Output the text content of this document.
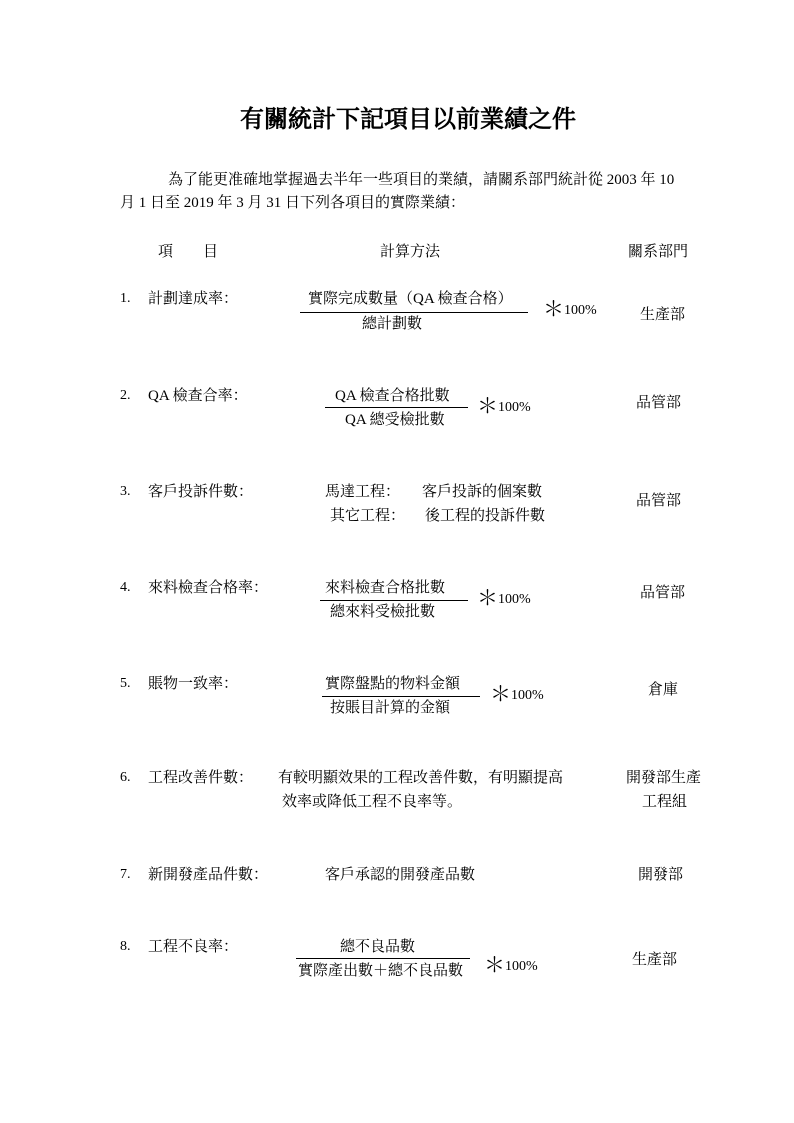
有關統計下記項目以前業績之件
為了能更准確地掌握過去半年一些項目的業績，請關系部門統計從 2003 年 10
月 1 日至 2019 年 3 月 31 日下列各項目的實際業績：
項　　目	計算方法	關系部門
1. 計劃達成率：	實際完成數量（QA 檢查合格）
總計劃數
＊100%	生產部
2. QA 檢查合率：	QA 檢查合格批數
QA 總受檢批數
＊100%	品管部
3. 客戶投訴件數：	馬達工程： 客戶投訴的個案數
其它工程： 後工程的投訴件數
品管部
4. 來料檢查合格率：	來料檢查合格批數
總來料受檢批數
＊100%	品管部
5. 賬物一致率：	實際盤點的物料金額
按賬目計算的金額
＊100%	倉庫
6. 工程改善件數： 有較明顯效果的工程改善件數，有明顯提高
效率或降低工程不良率等。
開發部生產
工程組
7. 新開發產品件數：	客戶承認的開發產品數	開發部
8. 工程不良率：	總不良品數
實際產出數＋總不良品數 ＊100%	生產部
